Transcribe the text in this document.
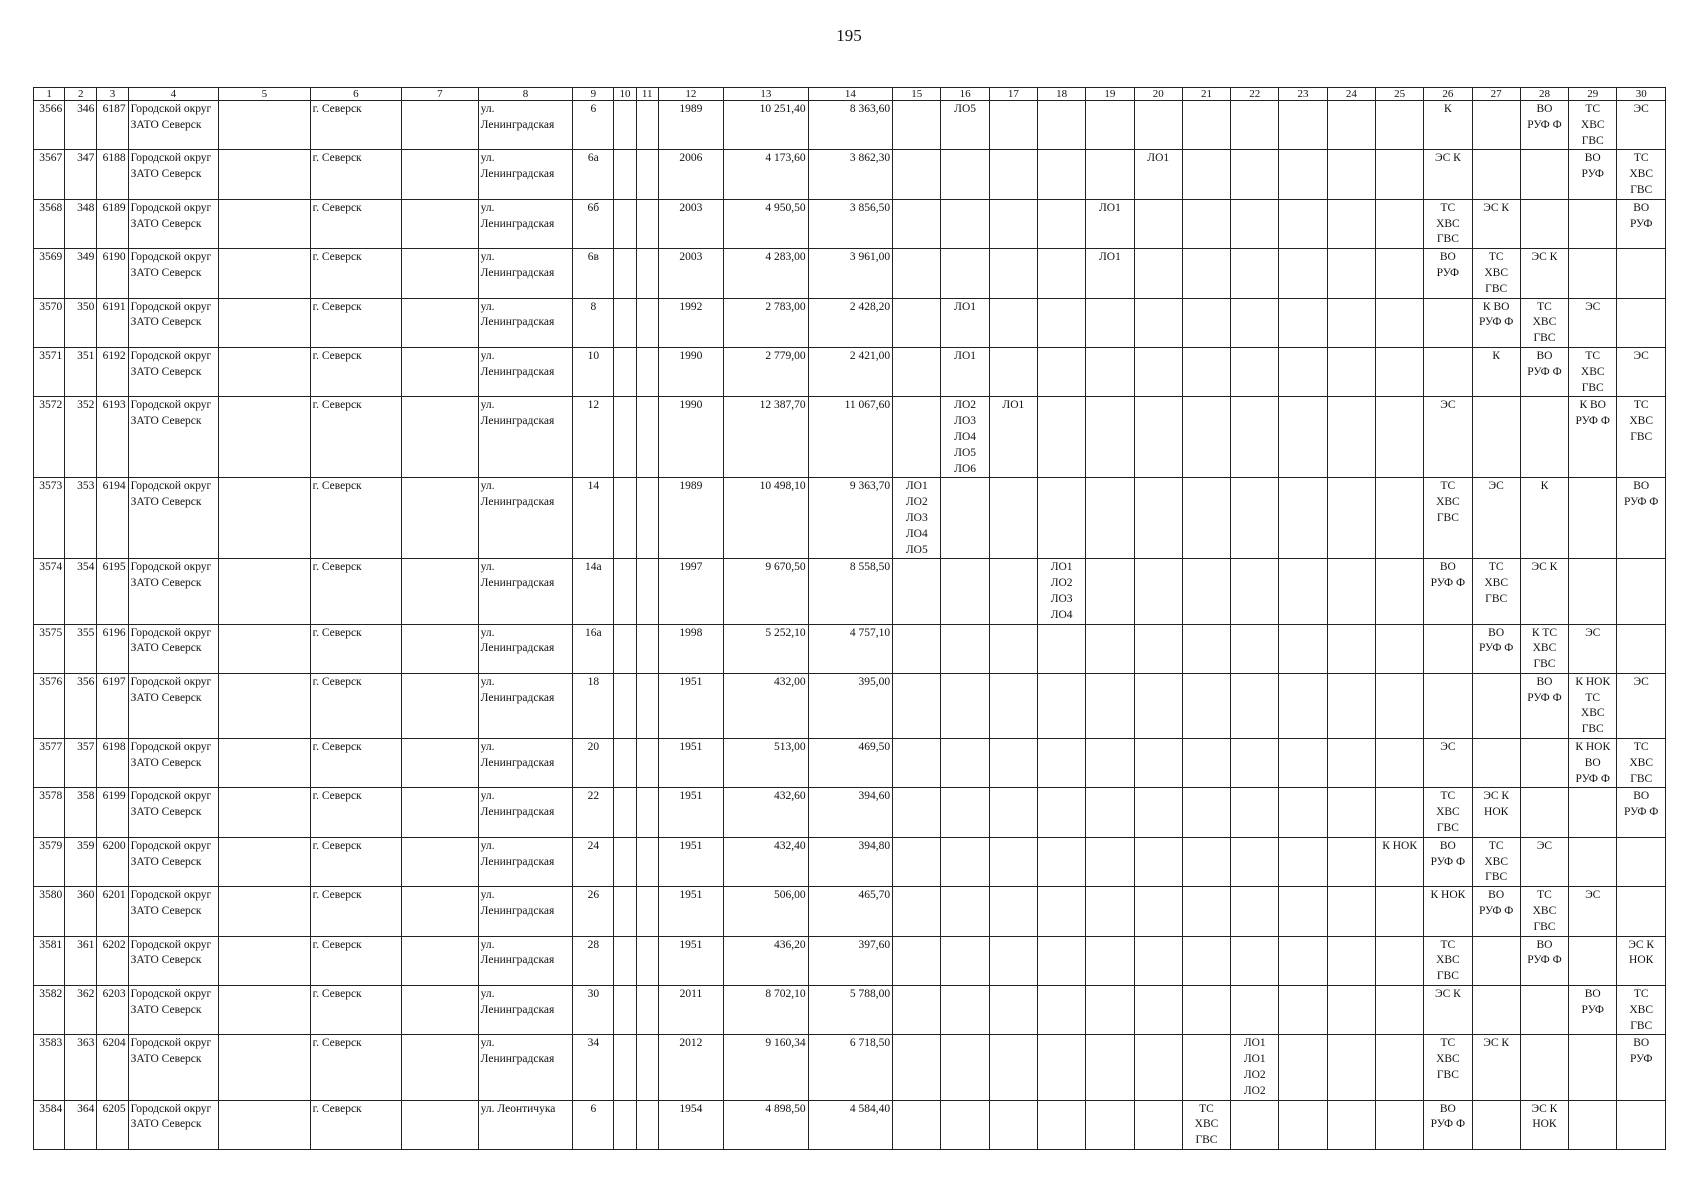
195
1	2	3	4	5	6	7	8	9	10	11	12	13	14	15	16	17	18	19	20	21	22	23	24	25	26	27	28	29	30
3566	346	6187	Городской округ ЗАТО Северск		г. Северск		ул. Ленинградская	6			1989	10 251,40	8 363,60		ЛО5										К		ВО
РУФ Ф	ТС
ХВС
ГВС	ЭС

3567	347	6188	Городской округ ЗАТО Северск		г. Северск		ул. Ленинградская	6а			2006	4 173,60	3 862,30						ЛО1						ЭС К			ВО
РУФ	ТС
ХВС
ГВС

3568	348	6189	Городской округ ЗАТО Северск		г. Северск		ул. Ленинградская	6б			2003	4 950,50	3 856,50					ЛО1							ТС
ХВС
ГВС	ЭС К			ВО
РУФ

3569	349	6190	Городской округ ЗАТО Северск		г. Северск		ул. Ленинградская	6в			2003	4 283,00	3 961,00					ЛО1							ВО
РУФ	ТС
ХВС
ГВС	ЭС К		

3570	350	6191	Городской округ ЗАТО Северск		г. Северск		ул. Ленинградская	8			1992	2 783,00	2 428,20		ЛО1											К ВО
РУФ Ф	ТС
ХВС
ГВС	ЭС	

3571	351	6192	Городской округ ЗАТО Северск		г. Северск		ул. Ленинградская	10			1990	2 779,00	2 421,00		ЛО1											К	ВО
РУФ Ф	ТС
ХВС
ГВС	ЭС

3572	352	6193	Городской округ ЗАТО Северск		г. Северск		ул. Ленинградская	12			1990	12 387,70	11 067,60		ЛО2
ЛО3
ЛО4
ЛО5
ЛО6	ЛО1									ЭС			К ВО
РУФ Ф	ТС
ХВС
ГВС

3573	353	6194	Городской округ ЗАТО Северск		г. Северск		ул. Ленинградская	14			1989	10 498,10	9 363,70	ЛО1
ЛО2
ЛО3
ЛО4
ЛО5											ТС
ХВС
ГВС	ЭС	К		ВО
РУФ Ф

3574	354	6195	Городской округ ЗАТО Северск		г. Северск		ул. Ленинградская	14а			1997	9 670,50	8 558,50				ЛО1
ЛО2
ЛО3
ЛО4								ВО
РУФ Ф	ТС
ХВС
ГВС	ЭС К		

3575	355	6196	Городской округ ЗАТО Северск		г. Северск		ул. Ленинградская	16а			1998	5 252,10	4 757,10													ВО
РУФ Ф	К ТС
ХВС
ГВС	ЭС	

3576	356	6197	Городской округ ЗАТО Северск		г. Северск		ул. Ленинградская	18			1951	432,00	395,00														ВО
РУФ Ф	К НОК
ТС
ХВС
ГВС	ЭС

3577	357	6198	Городской округ ЗАТО Северск		г. Северск		ул. Ленинградская	20			1951	513,00	469,50												ЭС			К НОК
ВО
РУФ Ф	ТС
ХВС
ГВС

3578	358	6199	Городской округ ЗАТО Северск		г. Северск		ул. Ленинградская	22			1951	432,60	394,60												ТС
ХВС
ГВС	ЭС К
НОК			ВО
РУФ Ф

3579	359	6200	Городской округ ЗАТО Северск		г. Северск		ул. Ленинградская	24			1951	432,40	394,80											К НОК	ВО
РУФ Ф	ТС
ХВС
ГВС	ЭС		

3580	360	6201	Городской округ ЗАТО Северск		г. Северск		ул. Ленинградская	26			1951	506,00	465,70												К НОК	ВО
РУФ Ф	ТС
ХВС
ГВС	ЭС	

3581	361	6202	Городской округ ЗАТО Северск		г. Северск		ул. Ленинградская	28			1951	436,20	397,60												ТС
ХВС
ГВС		ВО
РУФ Ф		ЭС К
НОК

3582	362	6203	Городской округ ЗАТО Северск		г. Северск		ул. Ленинградская	30			2011	8 702,10	5 788,00												ЭС К			ВО
РУФ	ТС
ХВС
ГВС

3583	363	6204	Городской округ ЗАТО Северск		г. Северск		ул. Ленинградская	34			2012	9 160,34	6 718,50								ЛО1
ЛО1
ЛО2
ЛО2				ТС
ХВС
ГВС	ЭС К			ВО
РУФ

3584	364	6205	Городской округ ЗАТО Северск		г. Северск		ул. Леонтичука	6			1954	4 898,50	4 584,40							ТС
ХВС
ГВС					ВО
РУФ Ф		ЭС К
НОК		
